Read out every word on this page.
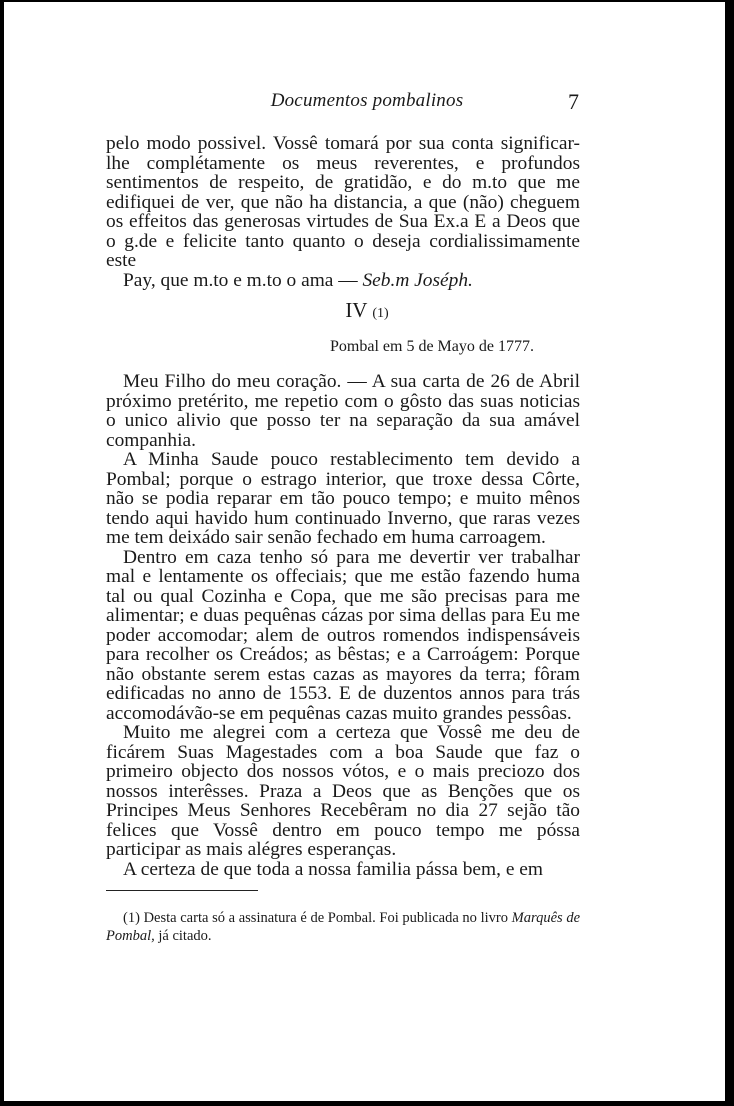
Documentos pombalinos	7

pelo modo possivel. Vossê tomará por sua conta significar-lhe complétamente os meus reverentes, e profundos sentimentos de respeito, de gratidão, e do m.to que me edifiquei de ver, que não ha distancia, a que (não) cheguem os effeitos das generosas virtudes de Sua Ex.a E a Deos que o g.de e felicite tanto quanto o deseja cordialissimamente este

Pay, que m.to e m.to o ama — Seb.m Joséph.

IV (1)
Pombal em 5 de Mayo de 1777.

Meu Filho do meu coração. — A sua carta de 26 de Abril próximo pretérito, me repetio com o gôsto das suas noticias o unico alivio que posso ter na separação da sua amável companhia.

A Minha Saude pouco restablecimento tem devido a Pombal; porque o estrago interior, que troxe dessa Côrte, não se podia reparar em tão pouco tempo; e muito mênos tendo aqui havido hum continuado Inverno, que raras vezes me tem deixádo sair senão fechado em huma carroagem.

Dentro em caza tenho só para me devertir ver trabalhar mal e lentamente os offeciais; que me estão fazendo huma tal ou qual Cozinha e Copa, que me são precisas para me alimentar; e duas pequênas cázas por sima dellas para Eu me poder accomodar; alem de outros romendos indispensáveis para recolher os Creádos; as bêstas; e a Carroágem: Porque não obstante serem estas cazas as mayores da terra; fôram edificadas no anno de 1553. E de duzentos annos para trás accomodávão-se em pequênas cazas muito grandes pessôas.

Muito me alegrei com a certeza que Vossê me deu de ficárem Suas Magestades com a boa Saude que faz o primeiro objecto dos nossos vótos, e o mais preciozo dos nossos interêsses. Praza a Deos que as Benções que os Principes Meus Senhores Recebêram no dia 27 sejão tão felices que Vossê dentro em pouco tempo me póssa participar as mais alégres esperanças.

A certeza de que toda a nossa familia pássa bem, e em

(1) Desta carta só a assinatura é de Pombal. Foi publicada no livro Marquês de Pombal, já citado.
